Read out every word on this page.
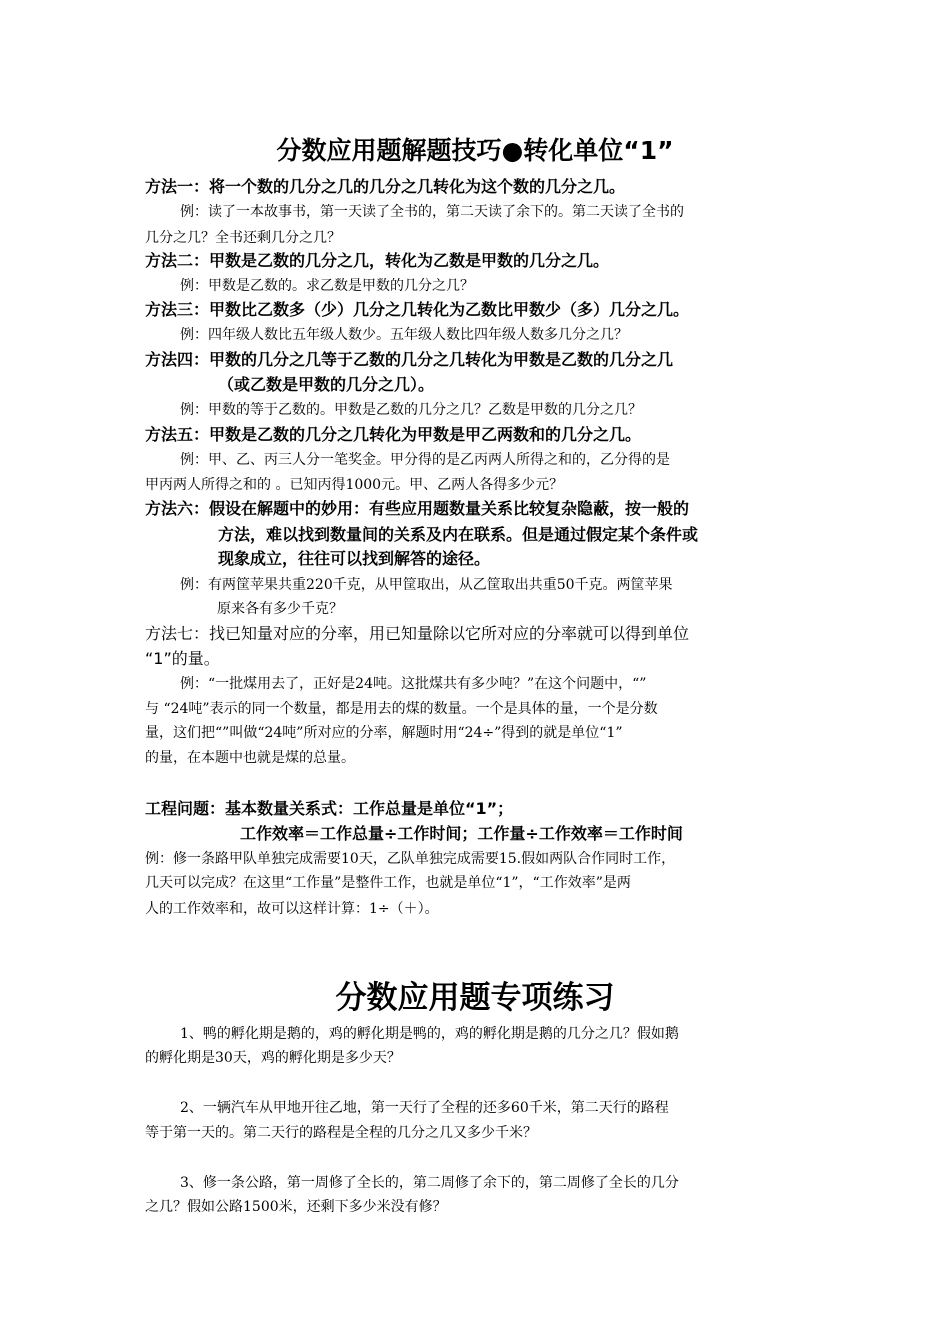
分数应用题解题技巧●转化单位“1”
方法一：将一个数的几分之几的几分之几转化为这个数的几分之几。
例：读了一本故事书，第一天读了全书的，第二天读了余下的。第二天读了全书的
几分之几？全书还剩几分之几？
方法二：甲数是乙数的几分之几，转化为乙数是甲数的几分之几。
例：甲数是乙数的。求乙数是甲数的几分之几？
方法三：甲数比乙数多（少）几分之几转化为乙数比甲数少（多）几分之几。
例：四年级人数比五年级人数少。五年级人数比四年级人数多几分之几？
方法四：甲数的几分之几等于乙数的几分之几转化为甲数是乙数的几分之几
（或乙数是甲数的几分之几）。
例：甲数的等于乙数的。甲数是乙数的几分之几？乙数是甲数的几分之几？
方法五：甲数是乙数的几分之几转化为甲数是甲乙两数和的几分之几。
例：甲、乙、丙三人分一笔奖金。甲分得的是乙丙两人所得之和的，乙分得的是
甲丙两人所得之和的 。已知丙得1000元。甲、乙两人各得多少元？
方法六：假设在解题中的妙用：有些应用题数量关系比较复杂隐蔽，按一般的
方法，难以找到数量间的关系及内在联系。但是通过假定某个条件或
现象成立，往往可以找到解答的途径。
例：有两筐苹果共重220千克，从甲筐取出，从乙筐取出共重50千克。两筐苹果
原来各有多少千克？
方法七：找已知量对应的分率，用已知量除以它所对应的分率就可以得到单位
“1”的量。
例：“一批煤用去了，正好是24吨。这批煤共有多少吨？”在这个问题中，“”
与 “24吨”表示的同一个数量，都是用去的煤的数量。一个是具体的量，一个是分数
量，这们把“”叫做“24吨”所对应的分率，解题时用“24÷”得到的就是单位“1”
的量，在本题中也就是煤的总量。
工程问题：基本数量关系式：工作总量是单位“1”；
工作效率＝工作总量÷工作时间；工作量÷工作效率＝工作时间
例：修一条路甲队单独完成需要10天，乙队单独完成需要15.假如两队合作同时工作，
几天可以完成？在这里“工作量”是整件工作，也就是单位“1”，“工作效率”是两
人的工作效率和，故可以这样计算：1÷（＋）。
分数应用题专项练习
1、鸭的孵化期是鹅的，鸡的孵化期是鸭的，鸡的孵化期是鹅的几分之几？假如鹅
的孵化期是30天，鸡的孵化期是多少天？
2、一辆汽车从甲地开往乙地，第一天行了全程的还多60千米，第二天行的路程
等于第一天的。第二天行的路程是全程的几分之几又多少千米？
3、修一条公路，第一周修了全长的，第二周修了余下的，第二周修了全长的几分
之几？假如公路1500米，还剩下多少米没有修？
